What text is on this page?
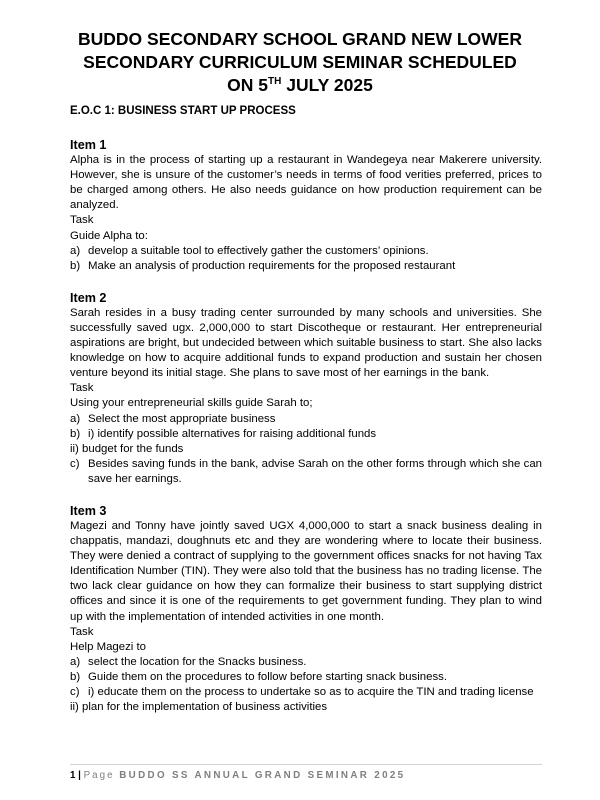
BUDDO SECONDARY SCHOOL GRAND NEW LOWER
SECONDARY CURRICULUM SEMINAR SCHEDULED
ON 5TH JULY 2025

E.O.C 1: BUSINESS START UP PROCESS

Item 1

Alpha is in the process of starting up a restaurant in Wandegeya near Makerere university. However, she is unsure of the customer’s needs in terms of food verities preferred, prices to be charged among others. He also needs guidance on how production requirement can be analyzed.

Task

Guide Alpha to:

a) develop a suitable tool to effectively gather the customers’ opinions.
b) Make an analysis of production requirements for the proposed restaurant

Item 2

Sarah resides in a busy trading center surrounded by many schools and universities. She successfully saved ugx. 2,000,000 to start Discotheque or restaurant. Her entrepreneurial aspirations are bright, but undecided between which suitable business to start. She also lacks knowledge on how to acquire additional funds to expand production and sustain her chosen venture beyond its initial stage. She plans to save most of her earnings in the bank.

Task

Using your entrepreneurial skills guide Sarah to;

a) Select the most appropriate business
b) i) identify possible alternatives for raising additional funds

ii) budget for the funds

c) Besides saving funds in the bank, advise Sarah on the other forms through which she can save her earnings.

Item 3

Magezi and Tonny have jointly saved UGX 4,000,000 to start a snack business dealing in chappatis, mandazi, doughnuts etc and they are wondering where to locate their business. They were denied a contract of supplying to the government offices snacks for not having Tax Identification Number (TIN). They were also told that the business has no trading license. The two lack clear guidance on how they can formalize their business to start supplying district offices and since it is one of the requirements to get government funding. They plan to wind up with the implementation of intended activities in one month.

Task

Help Magezi to

a) select the location for the Snacks business.
b) Guide them on the procedures to follow before starting snack business.
c) i) educate them on the process to undertake so as to acquire the TIN and trading license

ii) plan for the implementation of business activities

1 | Page BUDDO SS ANNUAL GRAND SEMINAR 2025
